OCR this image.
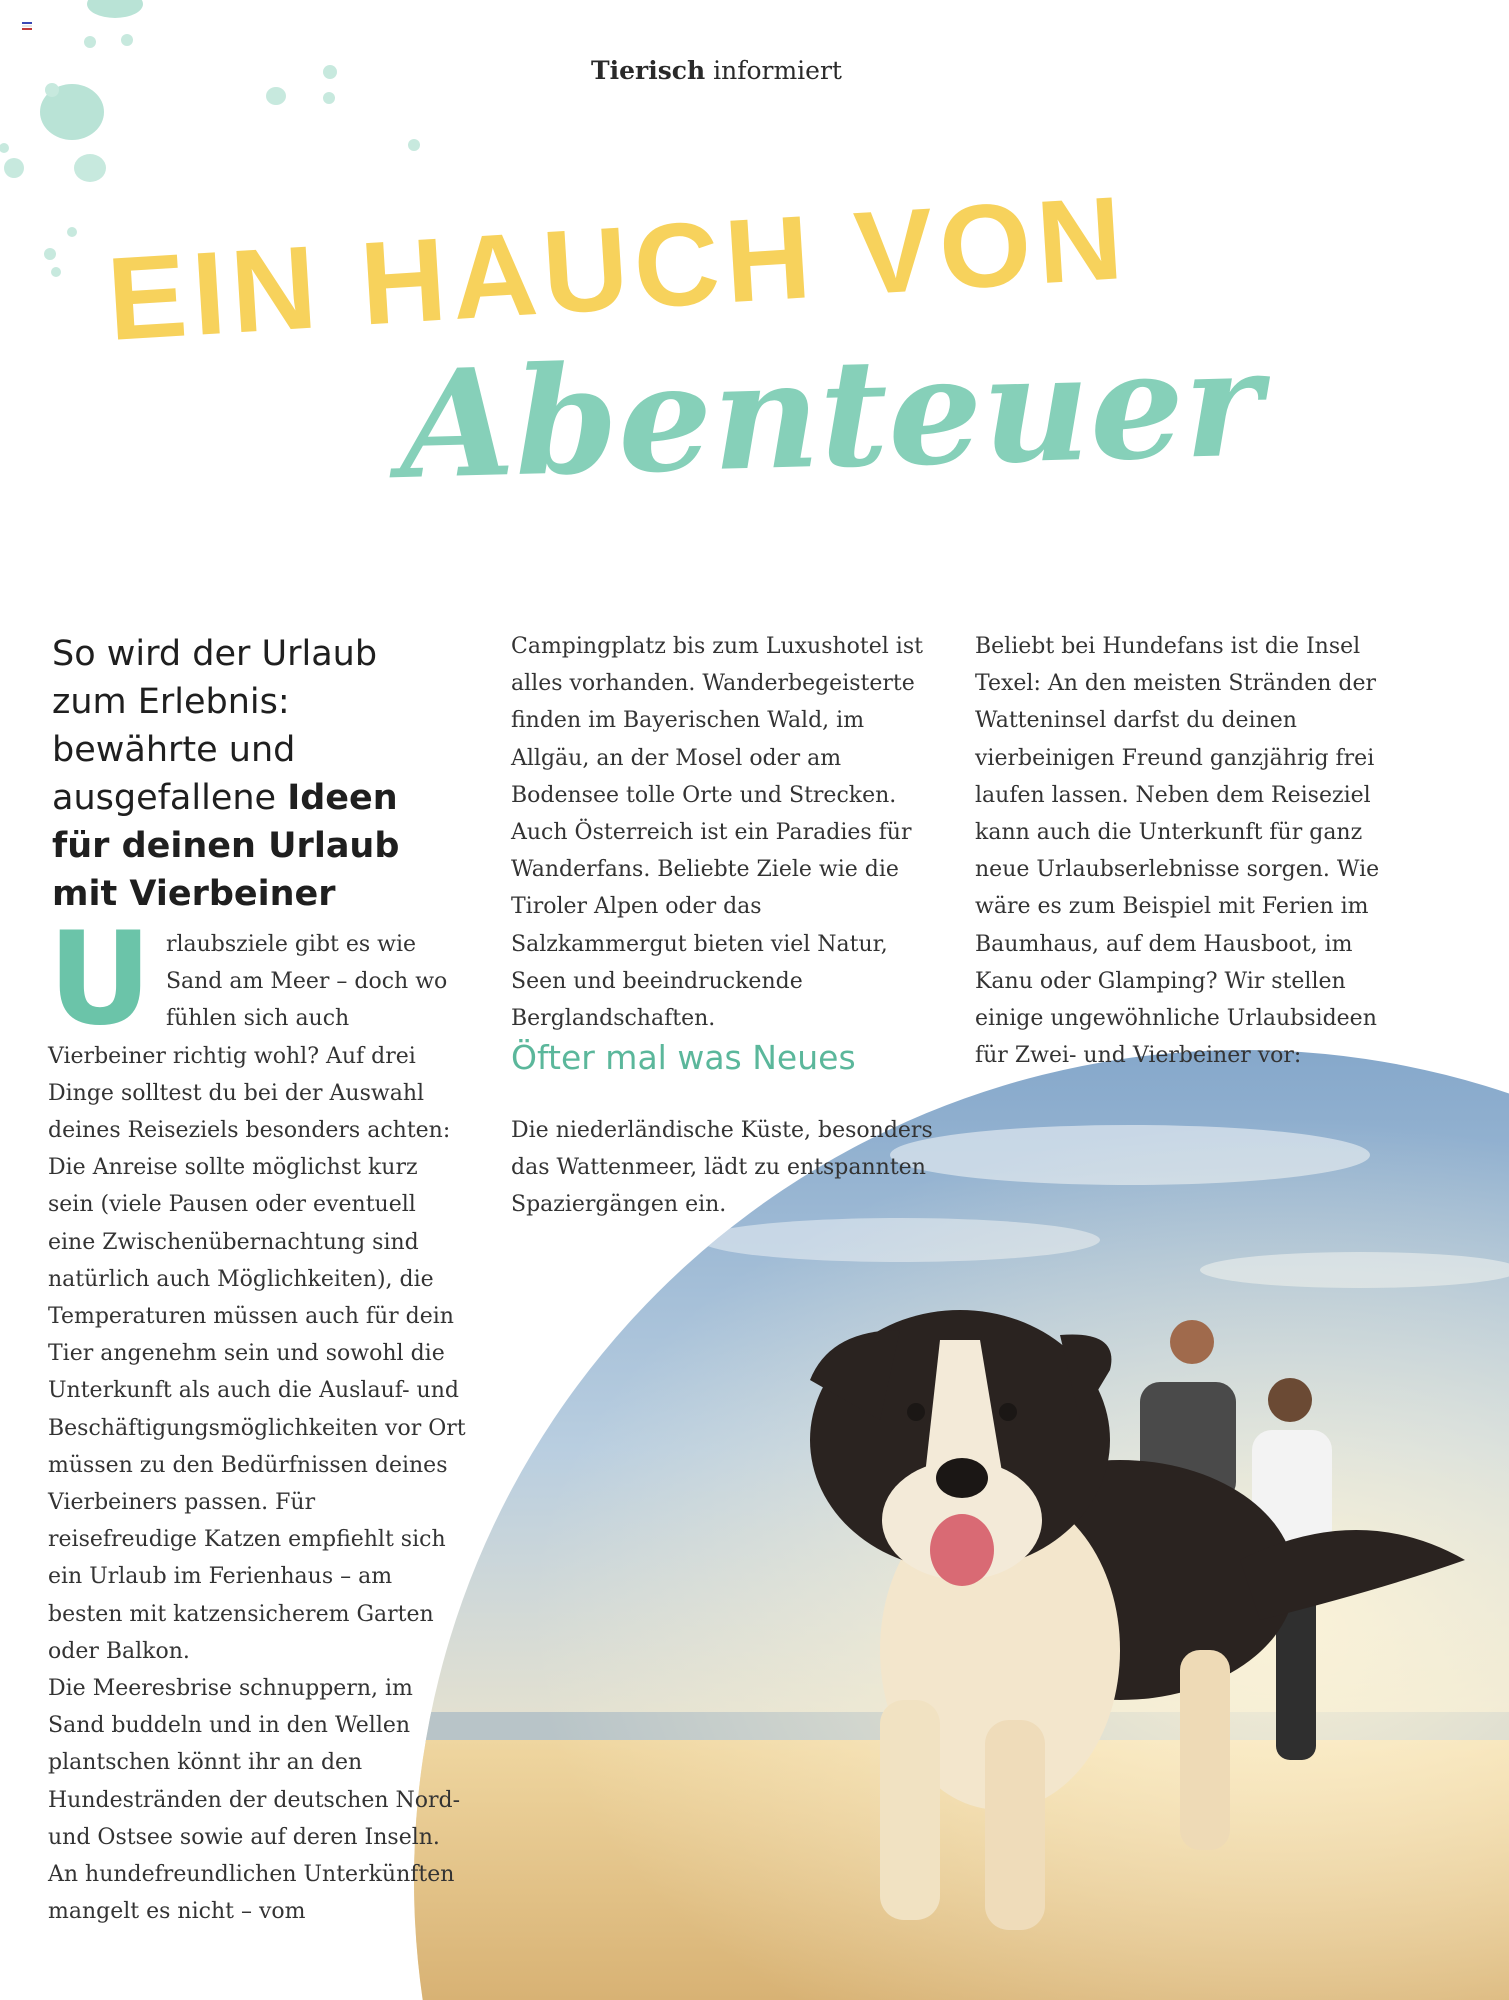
Tierisch informiert
EIN HAUCH VON
Abenteuer
So wird der Urlaub zum Erlebnis: bewährte und ausgefallene Ideen für deinen Urlaub mit Vierbeiner
U rlaubsziele gibt es wie Sand am Meer – doch wo fühlen sich auch Vierbeiner richtig wohl? Auf drei Dinge solltest du bei der Auswahl deines Reiseziels besonders achten: Die Anreise sollte möglichst kurz sein (viele Pausen oder eventuell eine Zwischenübernachtung sind natürlich auch Möglichkeiten), die Temperaturen müssen auch für dein Tier angenehm sein und sowohl die Unterkunft als auch die Auslauf- und Beschäftigungsmöglichkeiten vor Ort müssen zu den Bedürfnissen deines Vierbeiners passen. Für reisefreudige Katzen empfiehlt sich ein Urlaub im Ferienhaus – am besten mit katzensicherem Garten oder Balkon.

Die Meeresbrise schnuppern, im Sand buddeln und in den Wellen plantschen könnt ihr an den Hundestränden der deutschen Nord- und Ostsee sowie auf deren Inseln.

An hundefreundlichen Unterkünften mangelt es nicht – vom

Campingplatz bis zum Luxushotel ist alles vorhanden. Wanderbegeisterte finden im Bayerischen Wald, im Allgäu, an der Mosel oder am Bodensee tolle Orte und Strecken. Auch Österreich ist ein Paradies für Wanderfans. Beliebte Ziele wie die Tiroler Alpen oder das Salzkammergut bieten viel Natur, Seen und beeindruckende Berglandschaften.

Öfter mal was Neues

Die niederländische Küste, besonders das Wattenmeer, lädt zu entspannten Spaziergängen ein.

Beliebt bei Hundefans ist die Insel Texel: An den meisten Stränden der Watteninsel darfst du deinen vierbeinigen Freund ganzjährig frei laufen lassen. Neben dem Reiseziel kann auch die Unterkunft für ganz neue Urlaubserlebnisse sorgen. Wie wäre es zum Beispiel mit Ferien im Baumhaus, auf dem Hausboot, im Kanu oder Glamping? Wir stellen einige ungewöhnliche Urlaubsideen für Zwei- und Vierbeiner vor:
